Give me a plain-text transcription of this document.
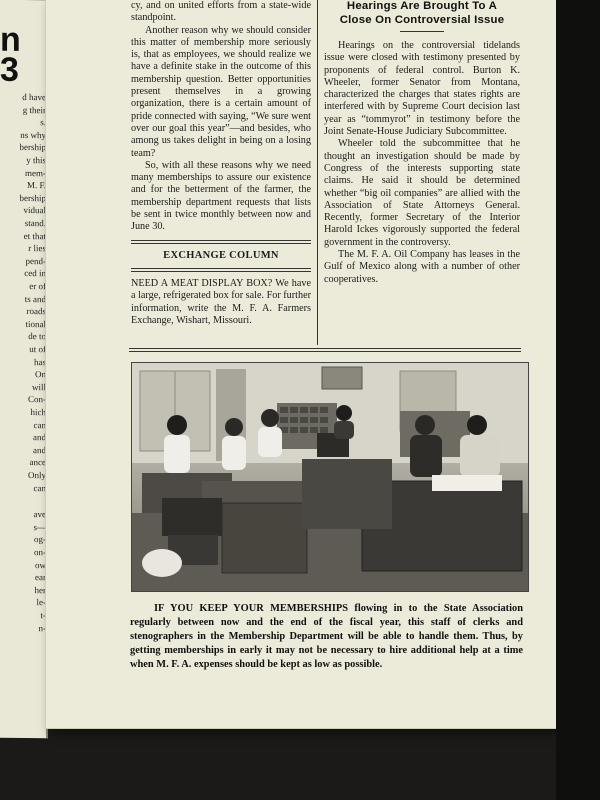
n
3
d have
g their
s.
ns why
bership
y this
mem-
M. F.
bership
vidual
stand.
et that
r lies
pend-
ced in
er of
ts and
roads
tional
de to
ut of
has
On
will
Con-
hich
can
and
and
ance
Only
can
ave
s—
og-
on-
ow
ear
her
le-
t-
n-

cy, and on united efforts from a state-wide standpoint.

Another reason why we should consider this matter of membership more seriously is, that as employees, we should realize we have a definite stake in the outcome of this membership question. Better opportunities present themselves in a growing organization, there is a certain amount of pride connected with saying, “We sure went over our goal this year”—and besides, who among us takes delight in being on a losing team?

So, with all these reasons why we need many memberships to assure our existence and for the betterment of the farmer, the membership department requests that lists be sent in twice monthly between now and June 30.

EXCHANGE COLUMN

NEED A MEAT DISPLAY BOX? We have a large, refrigerated box for sale. For further information, write the M. F. A. Farmers Exchange, Wishart, Missouri.

Hearings Are Brought To A
Close On Controversial Issue

Hearings on the controversial tidelands issue were closed with testimony presented by proponents of federal control. Burton K. Wheeler, former Senator from Montana, characterized the charges that states rights are interfered with by Supreme Court decision last year as “tommyrot” in testimony before the Joint Senate-House Judiciary Subcommittee.

Wheeler told the subcommittee that he thought an investigation should be made by Congress of the interests supporting state claims. He said it should be determined whether “big oil companies” are allied with the Association of State Attorneys General. Recently, former Secretary of the Interior Harold Ickes vigorously supported the federal government in the controversy.

The M. F. A. Oil Company has leases in the Gulf of Mexico along with a number of other cooperatives.

IF YOU KEEP YOUR MEMBERSHIPS flowing in to the State Association regularly between now and the end of the fiscal year, this staff of clerks and stenographers in the Membership Department will be able to handle them. Thus, by getting memberships in early it may not be necessary to hire additional help at a time when M. F. A. expenses should be kept as low as possible.
